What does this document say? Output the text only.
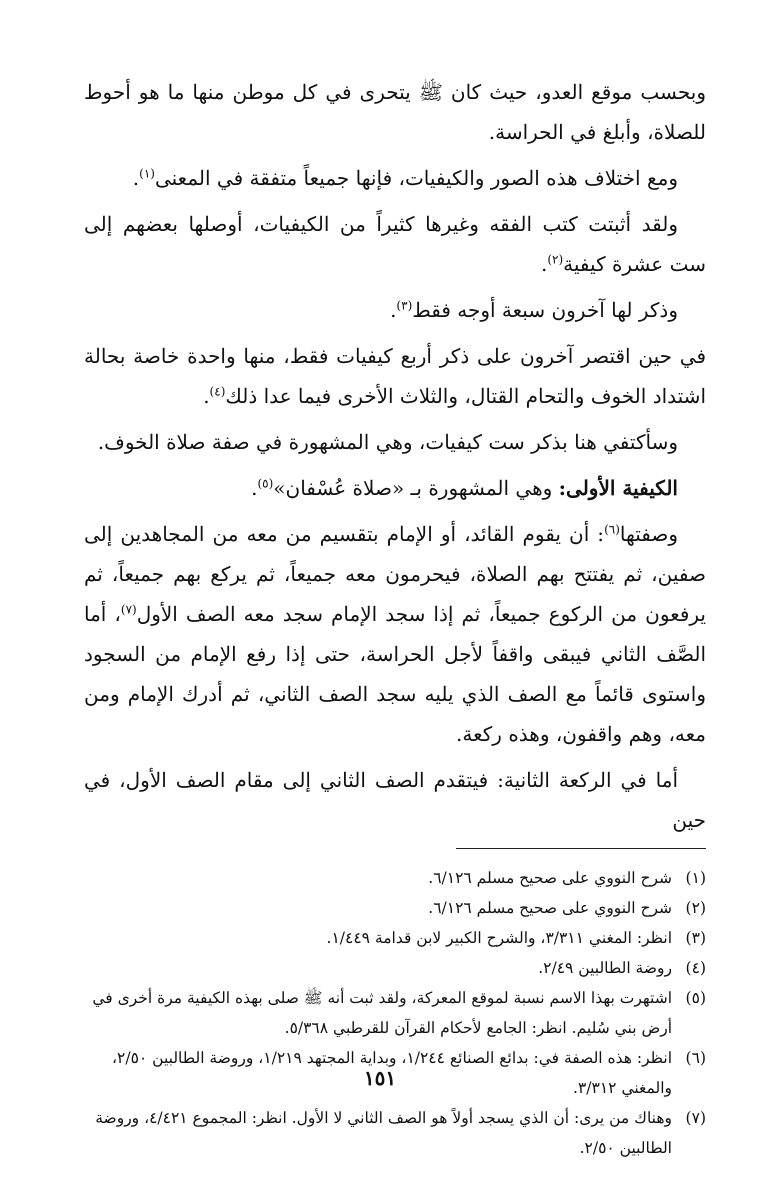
وبحسب موقع العدو، حيث كان ﷺ يتحرى في كل موطن منها ما هو أحوط للصلاة، وأبلغ في الحراسة.

ومع اختلاف هذه الصور والكيفيات، فإنها جميعاً متفقة في المعنى$^{(١)}$.

ولقد أثبتت كتب الفقه وغيرها كثيراً من الكيفيات، أوصلها بعضهم إلى ست عشرة كيفية$^{(٢)}$.

وذكر لها آخرون سبعة أوجه فقط$^{(٣)}$.

في حين اقتصر آخرون على ذكر أربع كيفيات فقط، منها واحدة خاصة بحالة اشتداد الخوف والتحام القتال، والثلاث الأخرى فيما عدا ذلك$^{(٤)}$.

وسأكتفي هنا بذكر ست كيفيات، وهي المشهورة في صفة صلاة الخوف.

الكيفية الأولى: وهي المشهورة بـ «صلاة عُسْفان»$^{(٥)}$.

وصفتها$^{(٦)}$: أن يقوم القائد، أو الإمام بتقسيم من معه من المجاهدين إلى صفين، ثم يفتتح بهم الصلاة، فيحرمون معه جميعاً، ثم يركع بهم جميعاً، ثم يرفعون من الركوع جميعاً، ثم إذا سجد الإمام سجد معه الصف الأول$^{(٧)}$، أما الصَّف الثاني فيبقى واقفاً لأجل الحراسة، حتى إذا رفع الإمام من السجود واستوى قائماً مع الصف الذي يليه سجد الصف الثاني، ثم أدرك الإمام ومن معه، وهم واقفون، وهذه ركعة.

أما في الركعة الثانية: فيتقدم الصف الثاني إلى مقام الصف الأول، في حين

(١)
شرح النووي على صحيح مسلم ٦/١٢٦.
(٢)
شرح النووي على صحيح مسلم ٦/١٢٦.
(٣)
انظر: المغني ٣/٣١١، والشرح الكبير لابن قدامة ١/٤٤٩.
(٤)
روضة الطالبين ٢/٤٩.
(٥)
اشتهرت بهذا الاسم نسبة لموقع المعركة، ولقد ثبت أنه ﷺ صلى بهذه الكيفية مرة أخرى في أرض بني سُليم. انظر: الجامع لأحكام القرآن للقرطبي ٥/٣٦٨.
(٦)
انظر: هذه الصفة في: بدائع الصنائع ١/٢٤٤، وبداية المجتهد ١/٢١٩، وروضة الطالبين ٢/٥٠، والمغني ٣/٣١٢.
(٧)
وهناك من يرى: أن الذي يسجد أولاً هو الصف الثاني لا الأول. انظر: المجموع ٤/٤٢١، وروضة الطالبين ٢/٥٠.
١٥١
